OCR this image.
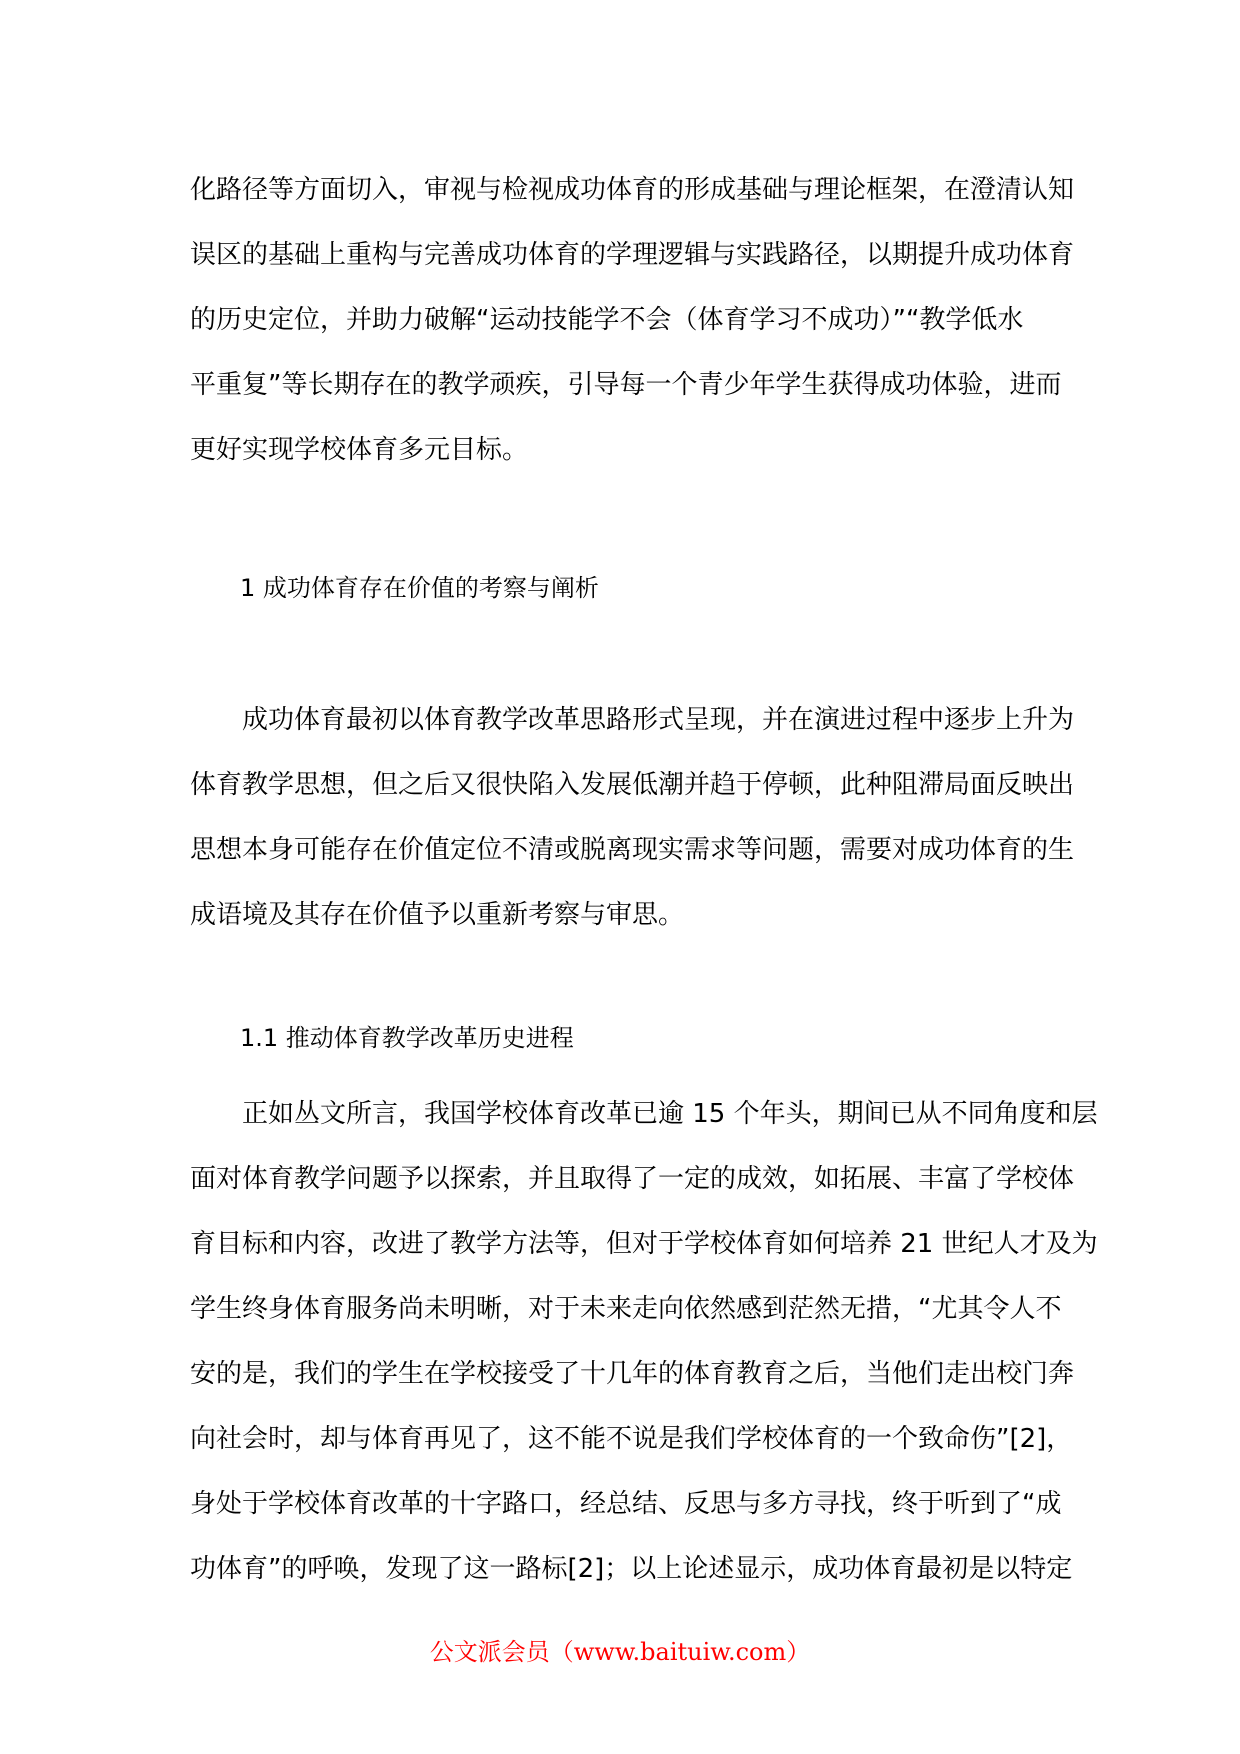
化路径等方面切入，审视与检视成功体育的形成基础与理论框架，在澄清认知
误区的基础上重构与完善成功体育的学理逻辑与实践路径，以期提升成功体育
的历史定位，并助力破解“运动技能学不会（体育学习不成功）”“教学低水
平重复”等长期存在的教学顽疾，引导每一个青少年学生获得成功体验，进而
更好实现学校体育多元目标。

1 成功体育存在价值的考察与阐析

　　成功体育最初以体育教学改革思路形式呈现，并在演进过程中逐步上升为
体育教学思想，但之后又很快陷入发展低潮并趋于停顿，此种阻滞局面反映出
思想本身可能存在价值定位不清或脱离现实需求等问题，需要对成功体育的生
成语境及其存在价值予以重新考察与审思。

1.1 推动体育教学改革历史进程

　　正如丛文所言，我国学校体育改革已逾 15 个年头，期间已从不同角度和层
面对体育教学问题予以探索，并且取得了一定的成效，如拓展、丰富了学校体
育目标和内容，改进了教学方法等，但对于学校体育如何培养 21 世纪人才及为
学生终身体育服务尚未明晰，对于未来走向依然感到茫然无措，“尤其令人不
安的是，我们的学生在学校接受了十几年的体育教育之后，当他们走出校门奔
向社会时，却与体育再见了，这不能不说是我们学校体育的一个致命伤”[2]，
身处于学校体育改革的十字路口，经总结、反思与多方寻找，终于听到了“成
功体育”的呼唤，发现了这一路标[2]；以上论述显示，成功体育最初是以特定

公文派会员（www.baituiw.com）
